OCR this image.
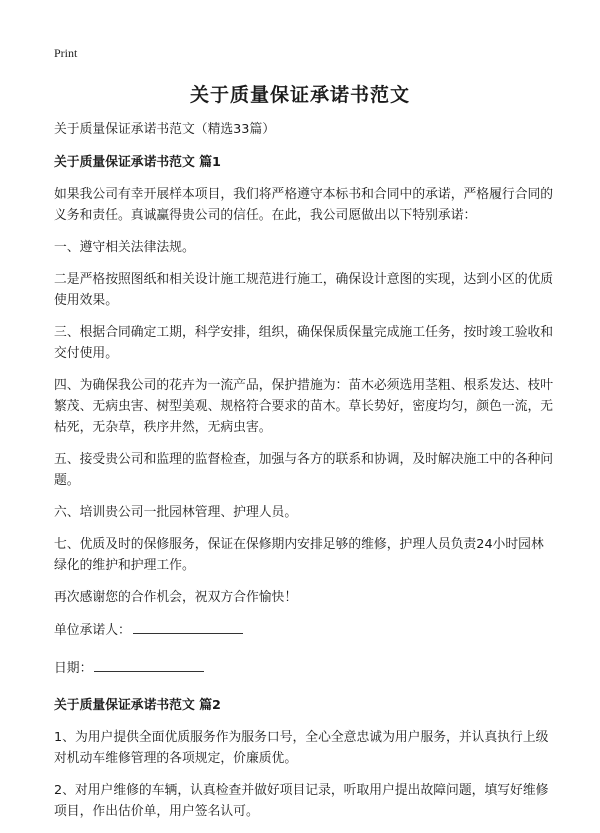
Print
关于质量保证承诺书范文

关于质量保证承诺书范文（精选33篇）

关于质量保证承诺书范文 篇1

如果我公司有幸开展样本项目，我们将严格遵守本标书和合同中的承诺，严格履行合同的义务和责任。真诚赢得贵公司的信任。在此，我公司愿做出以下特别承诺：

一、遵守相关法律法规。

二是严格按照图纸和相关设计施工规范进行施工，确保设计意图的实现，达到小区的优质使用效果。

三、根据合同确定工期，科学安排，组织，确保保质保量完成施工任务，按时竣工验收和交付使用。

四、为确保我公司的花卉为一流产品，保护措施为：苗木必须选用茎粗、根系发达、枝叶繁茂、无病虫害、树型美观、规格符合要求的苗木。草长势好，密度均匀，颜色一流，无枯死，无杂草，秩序井然，无病虫害。

五、接受贵公司和监理的监督检查，加强与各方的联系和协调，及时解决施工中的各种问题。

六、培训贵公司一批园林管理、护理人员。

七、优质及时的保修服务，保证在保修期内安排足够的维修，护理人员负责24小时园林绿化的维护和护理工作。

再次感谢您的合作机会，祝双方合作愉快！

单位承诺人：

日期：

关于质量保证承诺书范文 篇2

1、为用户提供全面优质服务作为服务口号，全心全意忠诚为用户服务，并认真执行上级对机动车维修管理的各项规定，价廉质优。

2、对用户维修的车辆，认真检查并做好项目记录，听取用户提出故障问题，填写好维修项目，作出估价单，用户签名认可。
